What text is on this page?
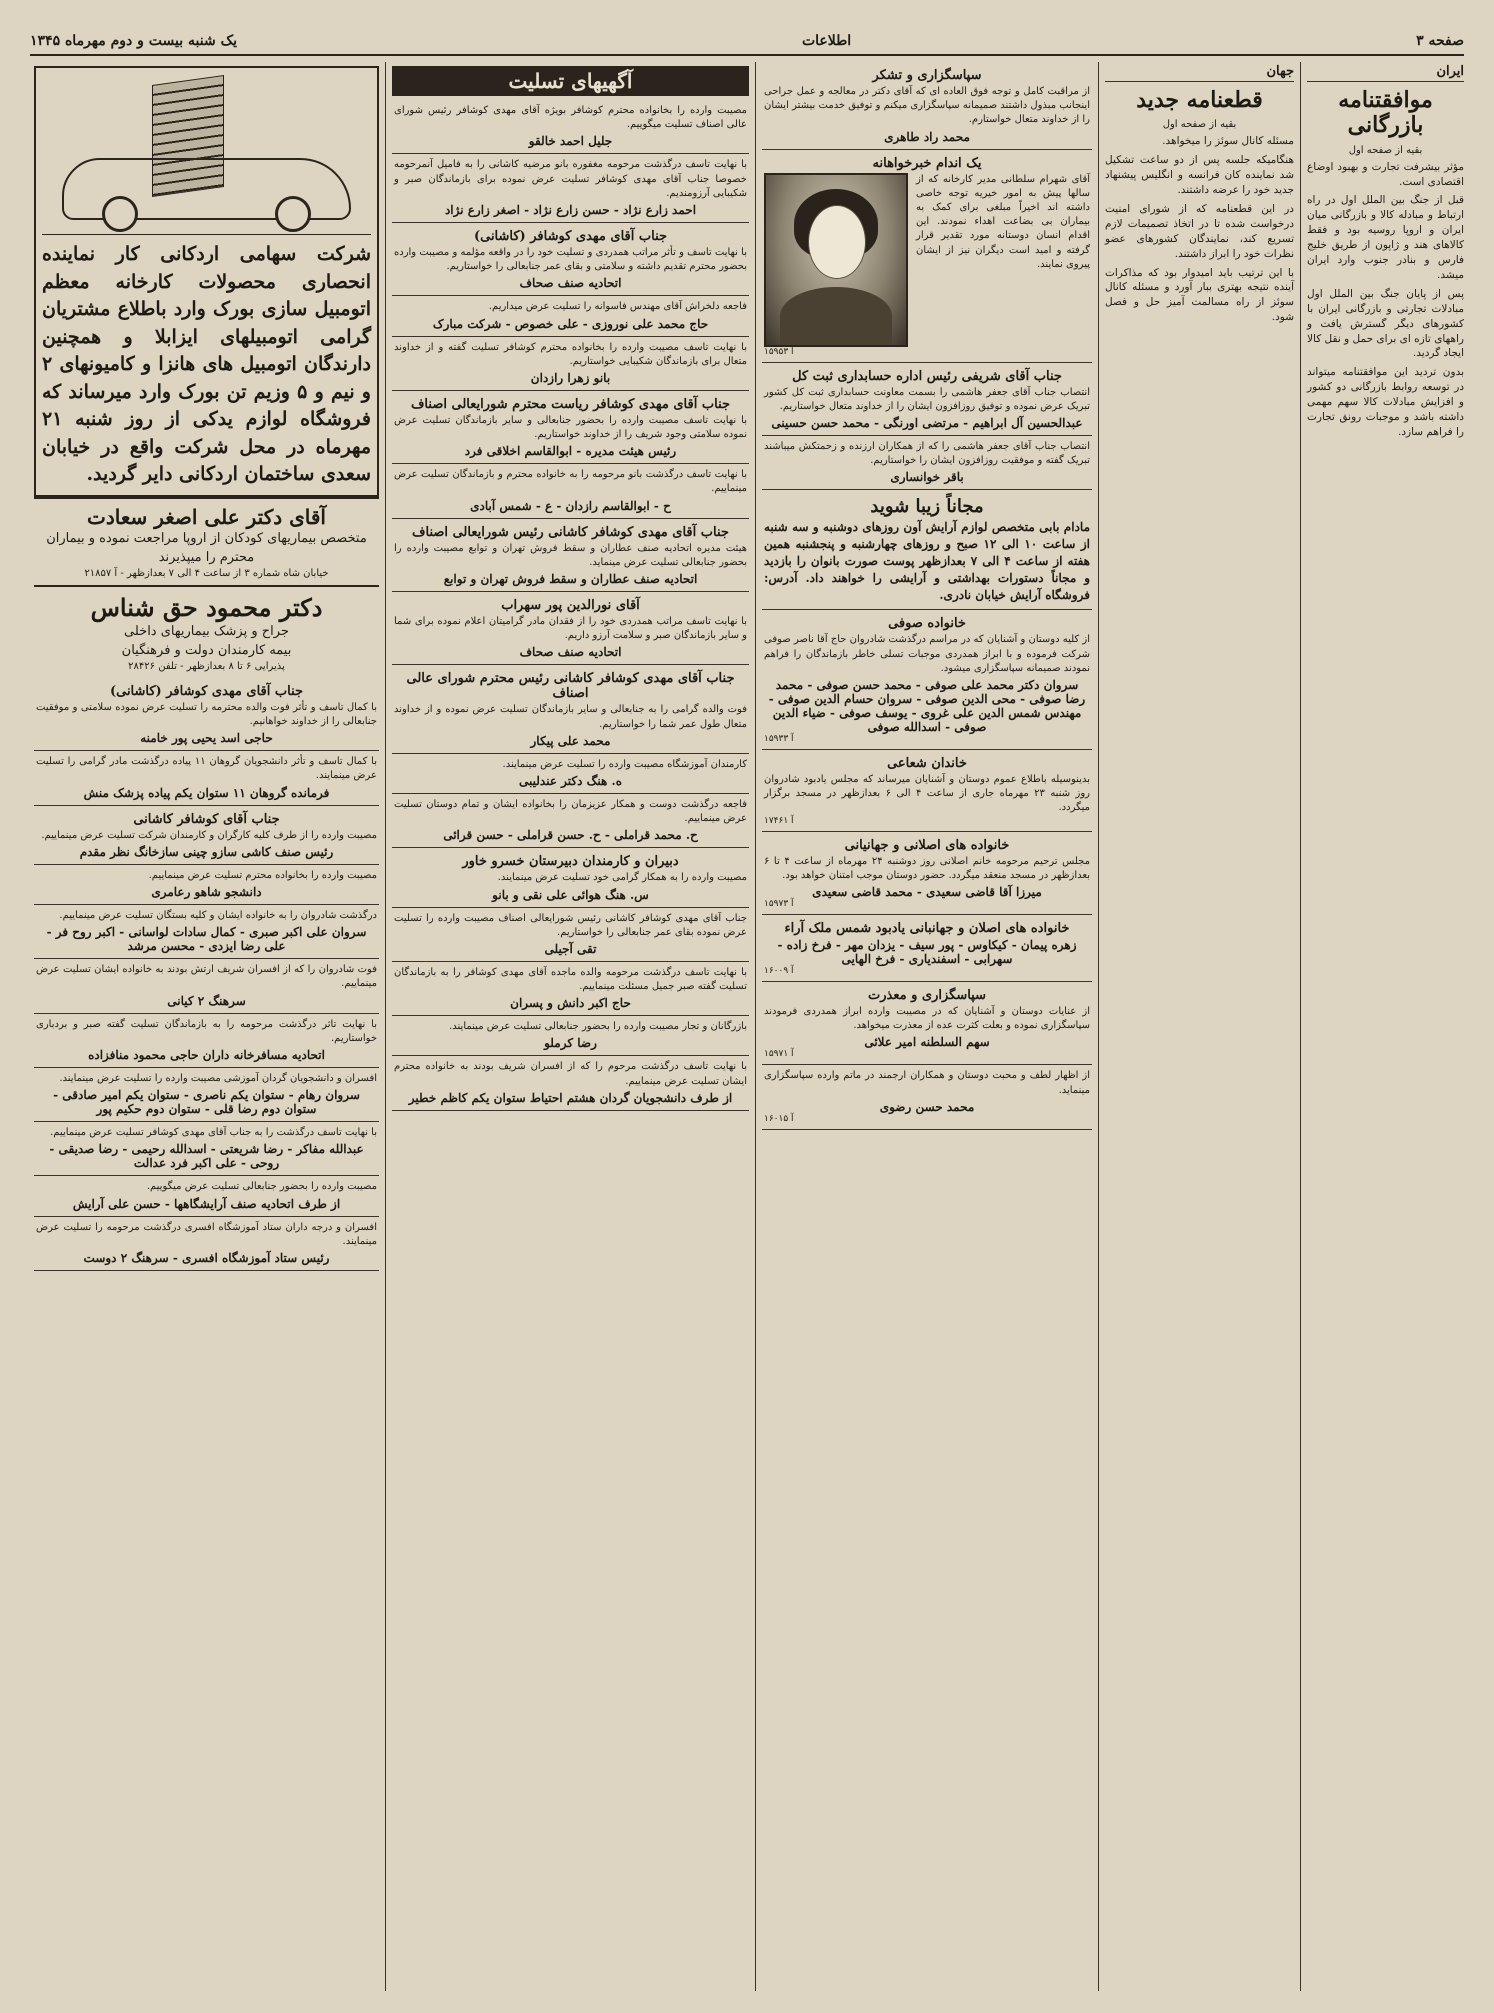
صفحه ۳
اطلاعات
یک شنبه بیست و دوم مهرماه ۱۳۴۵
ایران
موافقتنامه بازرگانی
بقیه از صفحه اول

مؤثر بیشرفت تجارت و بهبود اوضاع اقتصادی است.

قبل از جنگ بین الملل اول در راه ارتباط و مبادله کالا و بازرگانی میان ایران و اروپا روسیه بود و فقط کالاهای هند و ژاپون از طریق خلیج فارس و بنادر جنوب وارد ایران میشد.

پس از پایان جنگ بین الملل اول مبادلات تجارتی و بازرگانی ایران با کشورهای دیگر گسترش یافت و راههای تازه ای برای حمل و نقل کالا ایجاد گردید.

بدون تردید این موافقتنامه میتواند در توسعه روابط بازرگانی دو کشور و افزایش مبادلات کالا سهم مهمی داشته باشد و موجبات رونق تجارت را فراهم سازد.

جهان
قطعنامه جدید
بقیه از صفحه اول

مسئله کانال سوئز را میخواهد.

هنگامیکه جلسه پس از دو ساعت تشکیل شد نماینده کان فرانسه و انگلیس پیشنهاد جدید خود را عرضه داشتند.

در این قطعنامه که از شورای امنیت درخواست شده تا در اتخاذ تصمیمات لازم تسریع کند، نمایندگان کشورهای عضو نظرات خود را ابراز داشتند.

با این ترتیب باید امیدوار بود که مذاکرات آینده نتیجه بهتری ببار آورد و مسئله کانال سوئز از راه مسالمت آمیز حل و فصل شود.

سپاسگزاری و تشکر
از مراقبت کامل و توجه فوق العاده ای که آقای دکتر در معالجه و عمل جراحی اینجانب مبذول داشتند صمیمانه سپاسگزاری میکنم و توفیق خدمت بیشتر ایشان را از خداوند متعال خواستارم.
محمد راد طاهری
یک اندام خبرخواهانه
آقای شهرام سلطانی مدیر کارخانه که از سالها پیش به امور خیریه توجه خاصی داشته اند اخیراً مبلغی برای کمک به بیماران بی بضاعت اهداء نمودند. این اقدام انسان دوستانه مورد تقدیر قرار گرفته و امید است دیگران نیز از ایشان پیروی نمایند.
آ ۱۵۹۵۳
جناب آقای شریفی رئیس اداره حسابداری ثبت کل
انتصاب جناب آقای جعفر هاشمی را بسمت معاونت حسابداری ثبت کل کشور تبریک عرض نموده و توفیق روزافزون ایشان را از خداوند متعال خواستاریم.
عبدالحسین آل ابراهیم - مرتضی اورنگی - محمد حسن حسینی
انتصاب جناب آقای جعفر هاشمی را که از همکاران ارزنده و زحمتکش میباشند تبریک گفته و موفقیت روزافزون ایشان را خواستاریم.
باقر خوانساری
مجاناً زیبا شوید
مادام بابی متخصص لوازم آرایش آون روزهای دوشنبه و سه شنبه از ساعت ۱۰ الی ۱۲ صبح و روزهای چهارشنبه و پنجشنبه همین هفته از ساعت ۴ الی ۷ بعدازظهر پوست صورت بانوان را بازدید و مجاناً دستورات بهداشتی و آرایشی را خواهند داد. آدرس: فروشگاه آرایش خیابان نادری.
خانواده صوفی
از کلیه دوستان و آشنایان که در مراسم درگذشت شادروان حاج آقا ناصر صوفی شرکت فرموده و با ابراز همدردی موجبات تسلی خاطر بازماندگان را فراهم نمودند صمیمانه سپاسگزاری میشود.
سروان دکتر محمد علی صوفی - محمد حسن صوفی - محمد رضا صوفی - محی الدین صوفی - سروان حسام الدین صوفی - مهندس شمس الدین علی غروی - یوسف صوفی - ضیاء الدین صوفی - اسدالله صوفی
آ ۱۵۹۳۳
خاندان شعاعی
بدینوسیله باطلاع عموم دوستان و آشنایان میرساند که مجلس یادبود شادروان روز شنبه ۲۳ مهرماه جاری از ساعت ۴ الی ۶ بعدازظهر در مسجد برگزار میگردد.
آ ۱۷۴۶۱
خانواده های اصلانی و جهانیانی
مجلس ترحیم مرحومه خانم اصلانی روز دوشنبه ۲۴ مهرماه از ساعت ۴ تا ۶ بعدازظهر در مسجد منعقد میگردد. حضور دوستان موجب امتنان خواهد بود.
میرزا آقا قاضی سعیدی - محمد قاضی سعیدی
آ ۱۵۹۷۳
خانواده های اصلان و جهانبانی یادبود شمس ملک آراء
زهره پیمان - کیکاوس - پور سیف - یزدان مهر - فرخ زاده - سهرابی - اسفندیاری - فرخ الهایی
آ ۱۶۰۰۹
سپاسگزاری و معذرت
از عنایات دوستان و آشنایان که در مصیبت وارده ابراز همدردی فرمودند سپاسگزاری نموده و بعلت کثرت عده از معذرت میخواهد.
سهم السلطنه امیر علائی
آ ۱۵۹۷۱
از اظهار لطف و محبت دوستان و همکاران ارجمند در ماتم وارده سپاسگزاری مینماید.
محمد حسن رضوی
آ ۱۶۰۱۵
آگهیهای تسلیت
مصیبت وارده را بخانواده محترم کوشافر بویژه آقای مهدی کوشافر رئیس شورای عالی اصناف تسلیت میگوییم.
جلیل احمد خالقو
با نهایت تاسف درگذشت مرحومه مغفوره بانو مرضیه کاشانی را به فامیل آنمرحومه خصوصا جناب آقای مهدی کوشافر تسلیت عرض نموده برای بازماندگان صبر و شکیبایی آرزومندیم.
احمد زارع نژاد - حسن زارع نژاد - اصغر زارع نژاد
جناب آقای مهدی کوشافر (کاشانی)
با نهایت تاسف و تأثر مراتب همدردی و تسلیت خود را در واقعه مؤلمه و مصیبت وارده بحضور محترم تقدیم داشته و سلامتی و بقای عمر جنابعالی را خواستاریم.
اتحادیه صنف صحاف
فاجعه دلخراش آقای مهندس فاسوانه را تسلیت عرض میداریم.
حاج محمد علی نوروزی - علی خصوص - شرکت مبارک
با نهایت تاسف مصیبت وارده را بخانواده محترم کوشافر تسلیت گفته و از خداوند متعال برای بازماندگان شکیبایی خواستاریم.
بانو زهرا رازدان
جناب آقای مهدی کوشافر ریاست محترم شورایعالی اصناف
با نهایت تاسف مصیبت وارده را بحضور جنابعالی و سایر بازماندگان تسلیت عرض نموده سلامتی وجود شریف را از خداوند خواستاریم.
رئیس هیئت مدیره - ابوالقاسم اخلاقی فرد
با نهایت تاسف درگذشت بانو مرحومه را به خانواده محترم و بازماندگان تسلیت عرض مینماییم.
ح - ابوالقاسم رازدان - ع - شمس آبادی
جناب آقای مهدی کوشافر کاشانی رئیس شورایعالی اصناف
هیئت مدیره اتحادیه صنف عطاران و سقط فروش تهران و توابع مصیبت وارده را بحضور جنابعالی تسلیت عرض مینماید.
اتحادیه صنف عطاران و سقط فروش تهران و توابع
آقای نورالدین پور سهراب
با نهایت تاسف مراتب همدردی خود را از فقدان مادر گرامیتان اعلام نموده برای شما و سایر بازماندگان صبر و سلامت آرزو داریم.
اتحادیه صنف صحاف
جناب آقای مهدی کوشافر کاشانی رئیس محترم شورای عالی اصناف
فوت والده گرامی را به جنابعالی و سایر بازماندگان تسلیت عرض نموده و از خداوند متعال طول عمر شما را خواستاریم.
محمد علی پیکار
کارمندان آموزشگاه مصیبت وارده را تسلیت عرض مینمایند.
ه. هنگ دکتر عندلیبی
فاجعه درگذشت دوست و همکار عزیزمان را بخانواده ایشان و تمام دوستان تسلیت عرض مینماییم.
ح. محمد قراملی - ح. حسن قراملی - حسن قرائی
دبیران و کارمندان دبیرستان خسرو خاور
مصیبت وارده را به همکار گرامی خود تسلیت عرض مینمایند.
س. هنگ هوائی علی نقی و بانو
جناب آقای مهدی کوشافر کاشانی رئیس شورایعالی اصناف مصیبت وارده را تسلیت عرض نموده بقای عمر جنابعالی را خواستاریم.
تقی آجیلی
با نهایت تاسف درگذشت مرحومه والده ماجده آقای مهدی کوشافر را به بازماندگان تسلیت گفته صبر جمیل مسئلت مینماییم.
حاج اکبر دانش و پسران
بازرگانان و تجار مصیبت وارده را بحضور جنابعالی تسلیت عرض مینمایند.
رضا کرملو
با نهایت تاسف درگذشت مرحوم را که از افسران شریف بودند به خانواده محترم ایشان تسلیت عرض مینماییم.
از طرف دانشجویان گردان هشتم احتیاط ستوان یکم کاظم خطیر
شرکت سهامی اردکانی کار نماینده انحصاری محصولات کارخانه معظم اتومبیل سازی بورک وارد باطلاع مشتریان گرامی اتومبیلهای ایزابلا و همچنین دارندگان اتومبیل های هانزا و کامیونهای ۲ و نیم و ۵ وزیم تن بورک وارد میرساند که فروشگاه لوازم یدکی از روز شنبه ۲۱ مهرماه در محل شرکت واقع در خیابان سعدی ساختمان اردکانی دایر گردید.
آقای دکتر علی اصغر سعادت
متخصص بیماریهای کودکان از اروپا مراجعت نموده و بیماران محترم را میپذیرند
خیابان شاه شماره ۳ از ساعت ۴ الی ۷ بعدازظهر - آ ۲۱۸۵۷
دکتر محمود حق شناس
جراح و پزشک بیماریهای داخلی
بیمه کارمندان دولت و فرهنگیان
پذیرایی ۶ تا ۸ بعدازظهر - تلفن ۲۸۴۲۶
جناب آقای مهدی کوشافر (کاشانی)
با کمال تاسف و تأثر فوت والده محترمه را تسلیت عرض نموده سلامتی و موفقیت جنابعالی را از خداوند خواهانیم.
حاجی اسد یحیی پور خامنه
با کمال تاسف و تأثر دانشجویان گروهان ۱۱ پیاده درگذشت مادر گرامی را تسلیت عرض مینمایند.
فرمانده گروهان ۱۱ ستوان یکم پیاده پزشک منش
جناب آقای کوشافر کاشانی
مصیبت وارده را از طرف کلیه کارگران و کارمندان شرکت تسلیت عرض مینماییم.
رئیس صنف کاشی سازو چینی سازخانگ نظر مقدم
مصیبت وارده را بخانواده محترم تسلیت عرض مینماییم.
دانشجو شاهو رعامری
درگذشت شادروان را به خانواده ایشان و کلیه بستگان تسلیت عرض مینماییم.
سروان علی اکبر صبری - کمال سادات لواسانی - اکبر روح فر - علی رضا ایزدی - محسن مرشد
فوت شادروان را که از افسران شریف ارتش بودند به خانواده ایشان تسلیت عرض مینماییم.
سرهنگ ۲ کیانی
با نهایت تاثر درگذشت مرحومه را به بازماندگان تسلیت گفته صبر و بردباری خواستاریم.
اتحادیه مسافرخانه داران حاجی محمود منافزاده
افسران و دانشجویان گردان آموزشی مصیبت وارده را تسلیت عرض مینمایند.
سروان رهام - ستوان یکم ناصری - ستوان یکم امیر صادقی - ستوان دوم رضا قلی - ستوان دوم حکیم پور
با نهایت تاسف درگذشت را به جناب آقای مهدی کوشافر تسلیت عرض مینماییم.
عبدالله مفاکر - رضا شریعتی - اسدالله رحیمی - رضا صدیقی - روحی - علی اکبر فرد عدالت
مصیبت وارده را بحضور جنابعالی تسلیت عرض میگوییم.
از طرف اتحادیه صنف آرایشگاهها - حسن علی آرایش
افسران و درجه داران ستاد آموزشگاه افسری درگذشت مرحومه را تسلیت عرض مینمایند.
رئیس ستاد آموزشگاه افسری - سرهنگ ۲ دوست
